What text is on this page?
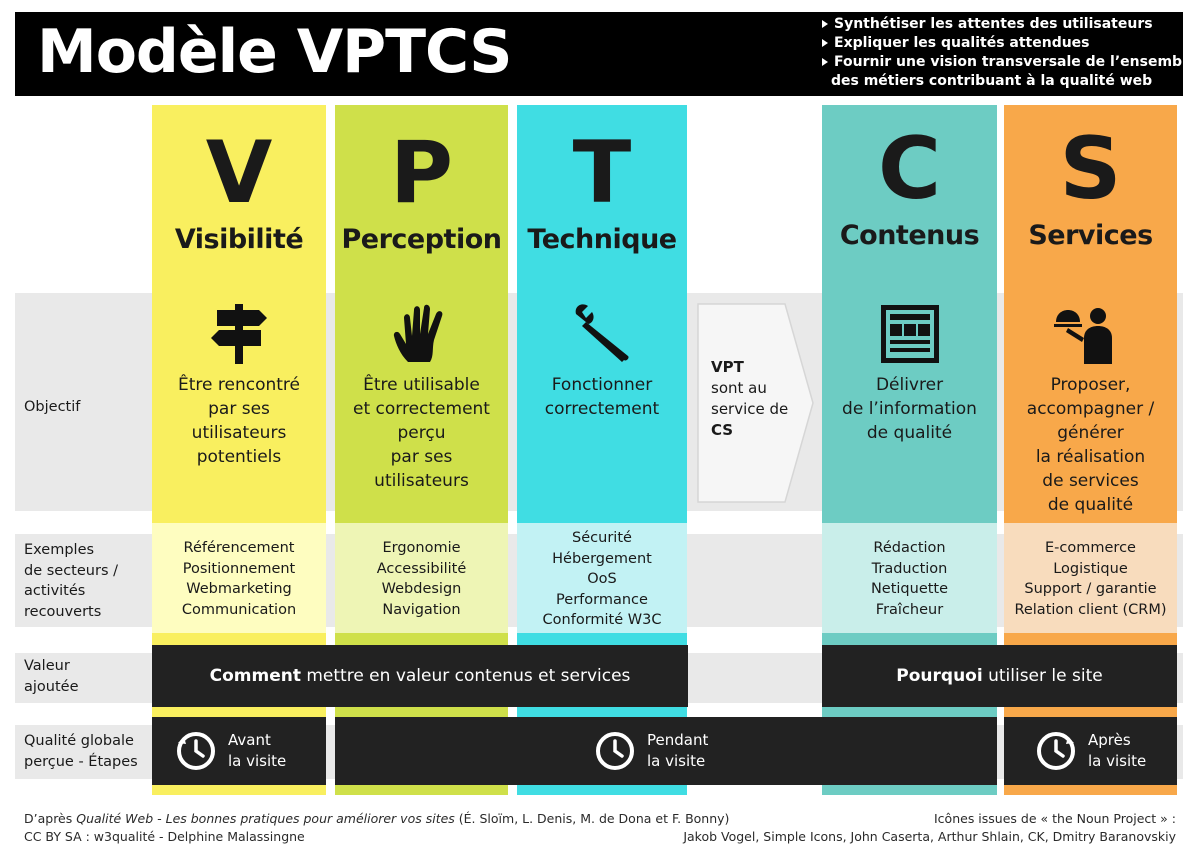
Modèle VPTCS	Synthétiser les attentes des utilisateurs
Expliquer les qualités attendues
Fournir une vision transversale de l’ensemble
des métiers contribuant à la qualité web
Objectif
Exemples
de secteurs /
activités
recouverts
Valeur
ajoutée
Qualité globale
perçue - Étapes
V
Visibilité
Être rencontré
par ses
utilisateurs
potentiels
Référencement
Positionnement
Webmarketing
Communication
P
Perception
Être utilisable
et correctement
perçu
par ses
utilisateurs
Ergonomie
Accessibilité
Webdesign
Navigation
T
Technique
Fonctionner
correctement
Sécurité
Hébergement
OoS
Performance
Conformité W3C
VPT
sont au
service de
CS
C
Contenus
Délivrer
de l’information
de qualité
Rédaction
Traduction
Netiquette
Fraîcheur
S
Services
Proposer,
accompagner /
générer
la réalisation
de services
de qualité
E-commerce
Logistique
Support / garantie
Relation client (CRM)
Comment mettre en valeur contenus et services	Pourquoi utiliser le site
Avant
la visite
Pendant
la visite
Après
la visite
D’après Qualité Web - Les bonnes pratiques pour améliorer vos sites (É. Sloïm, L. Denis, M. de Dona et F. Bonny)
CC BY SA : w3qualité - Delphine Malassingne
Icônes issues de « the Noun Project » :
Jakob Vogel, Simple Icons, John Caserta, Arthur Shlain, CK, Dmitry Baranovskiy
